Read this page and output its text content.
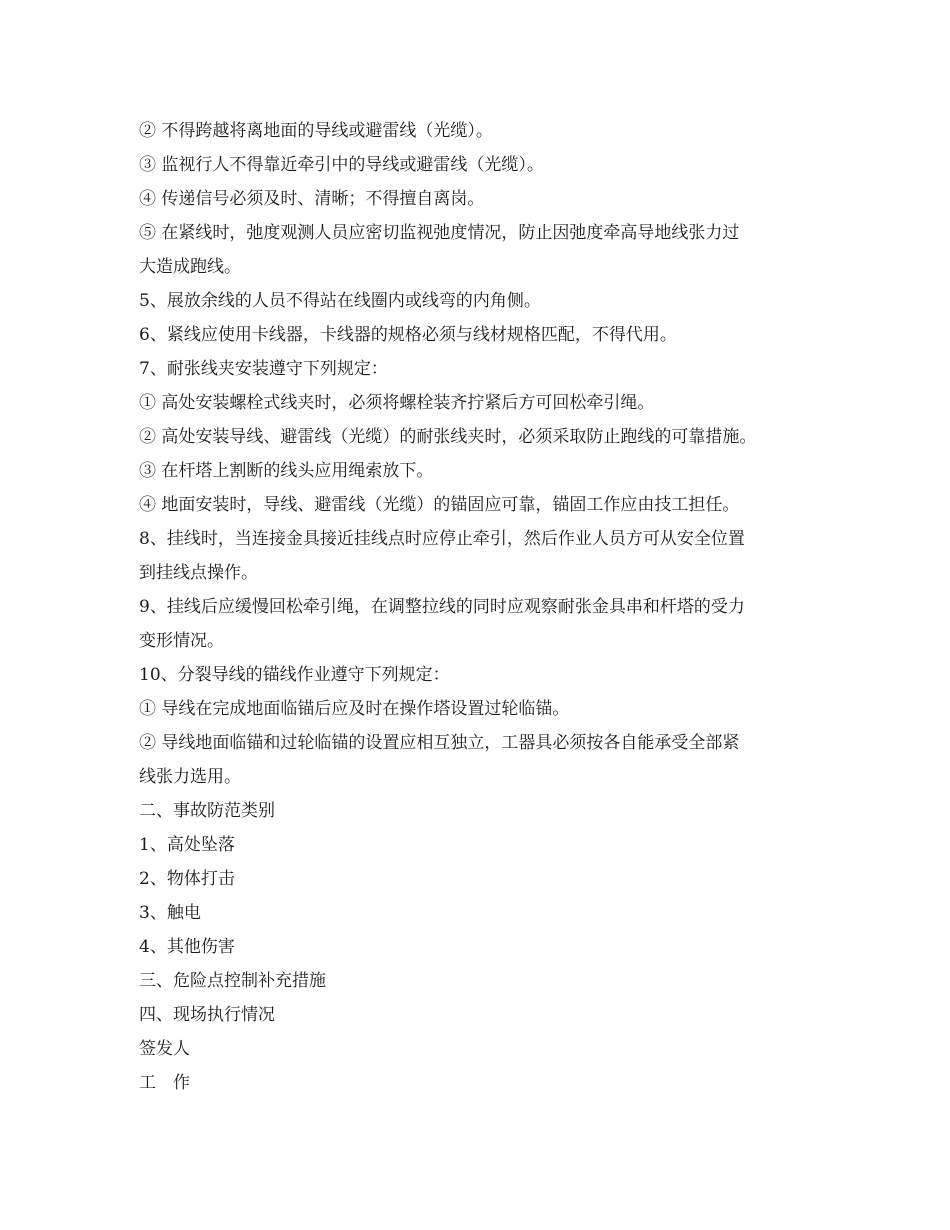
② 不得跨越将离地面的导线或避雷线（光缆）。
③ 监视行人不得靠近牵引中的导线或避雷线（光缆）。
④ 传递信号必须及时、清晰；不得擅自离岗。
⑤ 在紧线时，弛度观测人员应密切监视弛度情况，防止因弛度牵高导地线张力过
大造成跑线。
5、展放余线的人员不得站在线圈内或线弯的内角侧。
6、紧线应使用卡线器，卡线器的规格必须与线材规格匹配，不得代用。
7、耐张线夹安装遵守下列规定：
① 高处安装螺栓式线夹时，必须将螺栓装齐拧紧后方可回松牵引绳。
② 高处安装导线、避雷线（光缆）的耐张线夹时，必须采取防止跑线的可靠措施。
③ 在杆塔上割断的线头应用绳索放下。
④ 地面安装时，导线、避雷线（光缆）的锚固应可靠，锚固工作应由技工担任。
8、挂线时，当连接金具接近挂线点时应停止牵引，然后作业人员方可从安全位置
到挂线点操作。
9、挂线后应缓慢回松牵引绳，在调整拉线的同时应观察耐张金具串和杆塔的受力
变形情况。
10、分裂导线的锚线作业遵守下列规定：
① 导线在完成地面临锚后应及时在操作塔设置过轮临锚。
② 导线地面临锚和过轮临锚的设置应相互独立，工器具必须按各自能承受全部紧
线张力选用。
二、事故防范类别
1、高处坠落
2、物体打击
3、触电
4、其他伤害
三、危险点控制补充措施
四、现场执行情况
签发人
工　作
